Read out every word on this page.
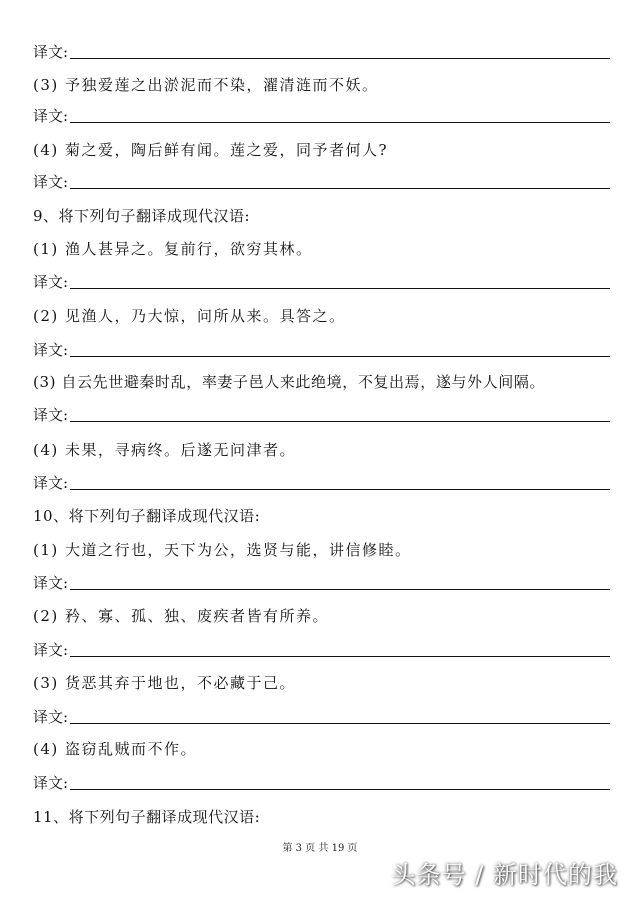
译文:
(3) 予独爱莲之出淤泥而不染，濯清涟而不妖。
译文:
(4) 菊之爱，陶后鲜有闻。莲之爱，同予者何人?
译文:
9、将下列句子翻译成现代汉语:
(1) 渔人甚异之。复前行，欲穷其林。
译文:
(2) 见渔人，乃大惊，问所从来。具答之。
译文:
(3) 自云先世避秦时乱，率妻子邑人来此绝境，不复出焉，遂与外人间隔。
译文:
(4) 未果，寻病终。后遂无问津者。
译文:
10、将下列句子翻译成现代汉语:
(1) 大道之行也，天下为公，选贤与能，讲信修睦。
译文:
(2) 矜、寡、孤、独、废疾者皆有所养。
译文:
(3) 货恶其弃于地也，不必藏于己。
译文:
(4) 盗窃乱贼而不作。
译文:
11、将下列句子翻译成现代汉语:
第 3 页 共 19 页
头条号 / 新时代的我
